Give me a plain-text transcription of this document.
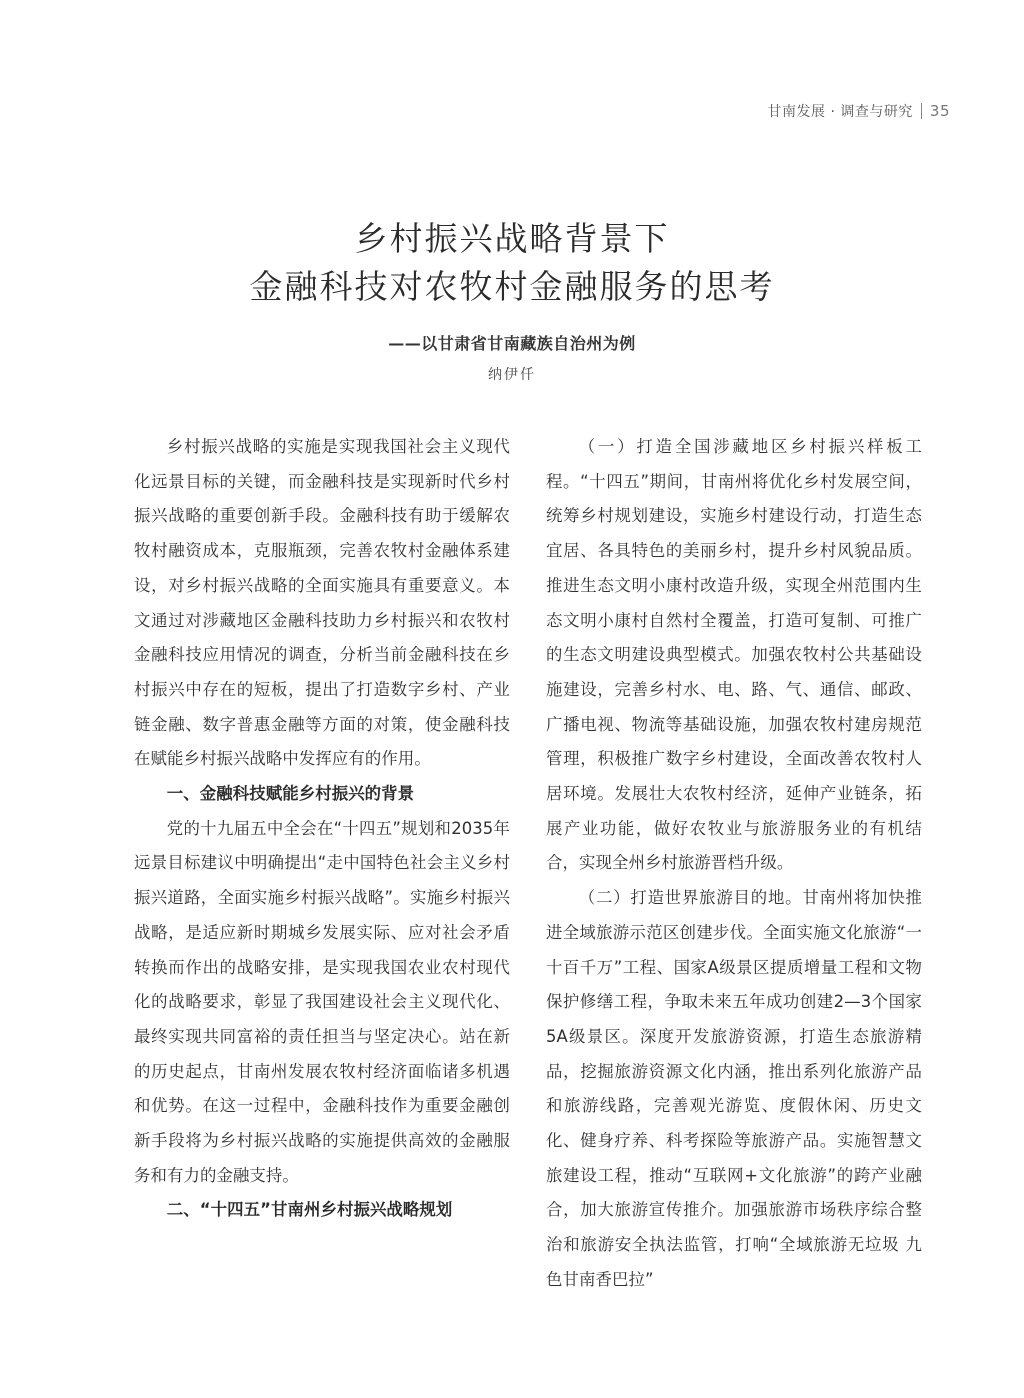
甘南发展 · 调查与研究 35
乡村振兴战略背景下
金融科技对农牧村金融服务的思考
——以甘肃省甘南藏族自治州为例
纳伊仟

乡村振兴战略的实施是实现我国社会主义现代化远景目标的关键，而金融科技是实现新时代乡村振兴战略的重要创新手段。金融科技有助于缓解农牧村融资成本，克服瓶颈，完善农牧村金融体系建设，对乡村振兴战略的全面实施具有重要意义。本文通过对涉藏地区金融科技助力乡村振兴和农牧村金融科技应用情况的调查，分析当前金融科技在乡村振兴中存在的短板，提出了打造数字乡村、产业链金融、数字普惠金融等方面的对策，使金融科技在赋能乡村振兴战略中发挥应有的作用。

一、金融科技赋能乡村振兴的背景

党的十九届五中全会在“十四五”规划和2035年远景目标建议中明确提出“走中国特色社会主义乡村振兴道路，全面实施乡村振兴战略”。实施乡村振兴战略，是适应新时期城乡发展实际、应对社会矛盾转换而作出的战略安排，是实现我国农业农村现代化的战略要求，彰显了我国建设社会主义现代化、最终实现共同富裕的责任担当与坚定决心。站在新的历史起点，甘南州发展农牧村经济面临诸多机遇和优势。在这一过程中，金融科技作为重要金融创新手段将为乡村振兴战略的实施提供高效的金融服务和有力的金融支持。

二、“十四五”甘南州乡村振兴战略规划

（一）打造全国涉藏地区乡村振兴样板工程。“十四五”期间，甘南州将优化乡村发展空间，统筹乡村规划建设，实施乡村建设行动，打造生态宜居、各具特色的美丽乡村，提升乡村风貌品质。推进生态文明小康村改造升级，实现全州范围内生态文明小康村自然村全覆盖，打造可复制、可推广的生态文明建设典型模式。加强农牧村公共基础设施建设，完善乡村水、电、路、气、通信、邮政、广播电视、物流等基础设施，加强农牧村建房规范管理，积极推广数字乡村建设，全面改善农牧村人居环境。发展壮大农牧村经济，延伸产业链条，拓展产业功能，做好农牧业与旅游服务业的有机结合，实现全州乡村旅游晋档升级。

（二）打造世界旅游目的地。甘南州将加快推进全域旅游示范区创建步伐。全面实施文化旅游“一十百千万”工程、国家A级景区提质增量工程和文物保护修缮工程，争取未来五年成功创建2—3个国家5A级景区。深度开发旅游资源，打造生态旅游精品，挖掘旅游资源文化内涵，推出系列化旅游产品和旅游线路，完善观光游览、度假休闲、历史文化、健身疗养、科考探险等旅游产品。实施智慧文旅建设工程，推动“互联网+文化旅游”的跨产业融合，加大旅游宣传推介。加强旅游市场秩序综合整治和旅游安全执法监管，打响“全域旅游无垃圾 九色甘南香巴拉”
